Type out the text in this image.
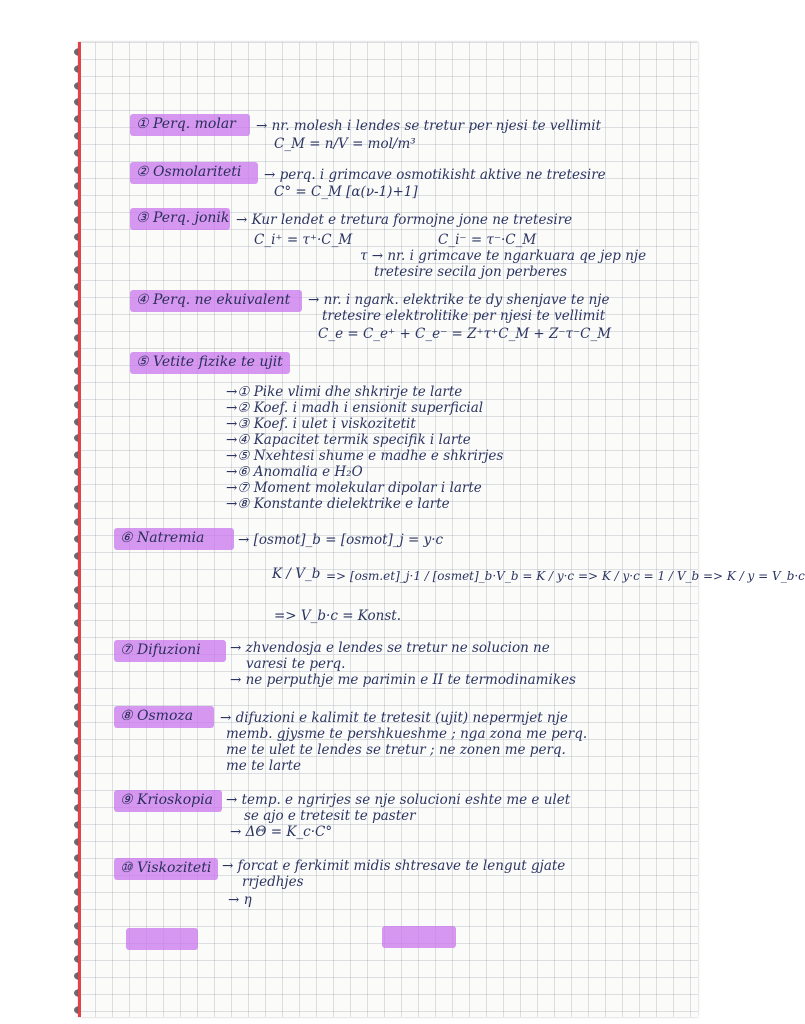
① Perq. molar → nr. molesh i lendes se tretur per njesi te vellimit
C_M = n/V = mol/m³
② Osmolariteti → perq. i grimcave osmotikisht aktive ne tretesire
C° = C_M [α(ν-1)+1]
③ Perq. jonik → Kur lendet e tretura formojne jone ne tretesire
C_i⁺ = τ⁺·C_M	C_i⁻ = τ⁻·C_M
τ → nr. i grimcave te ngarkuara qe jep nje
tretesire secila jon perberes
④ Perq. ne ekuivalent → nr. i ngark. elektrike te dy shenjave te nje
tretesire elektrolitike per njesi te vellimit
C_e = C_e⁺ + C_e⁻ = Z⁺τ⁺C_M + Z⁻τ⁻C_M
⑤ Vetite fizike te ujit
→① Pike vlimi dhe shkrirje te larte
→② Koef. i madh i ensionit superficial
→③ Koef. i ulet i viskozitetit
→④ Kapacitet termik specifik i larte
→⑤ Nxehtesi shume e madhe e shkrirjes
→⑥ Anomalia e H₂O
→⑦ Moment molekular dipolar i larte
→⑧ Konstante dielektrike e larte
⑥ Natremia → [osmot]_b = [osmot]_j = y·c
K / V_b => [osm.et]_j·1 / [osmet]_b·V_b = K / y·c => K / y·c = 1 / V_b => K / y = V_b·c
=> V_b·c = Konst.
⑦ Difuzioni → zhvendosja e lendes se tretur ne solucion ne
varesi te perq.
→ ne perputhje me parimin e II te termodinamikes
⑧ Osmoza → difuzioni e kalimit te tretesit (ujit) nepermjet nje
memb. gjysme te pershkueshme ; nga zona me perq.
me te ulet te lendes se tretur ; ne zonen me perq.
me te larte
⑨ Krioskopia → temp. e ngrirjes se nje solucioni eshte me e ulet
se ajo e tretesit te paster
→ ΔΘ = K_c·C°
⑩ Viskoziteti → forcat e ferkimit midis shtresave te lengut gjate
rrjedhjes
→ η
